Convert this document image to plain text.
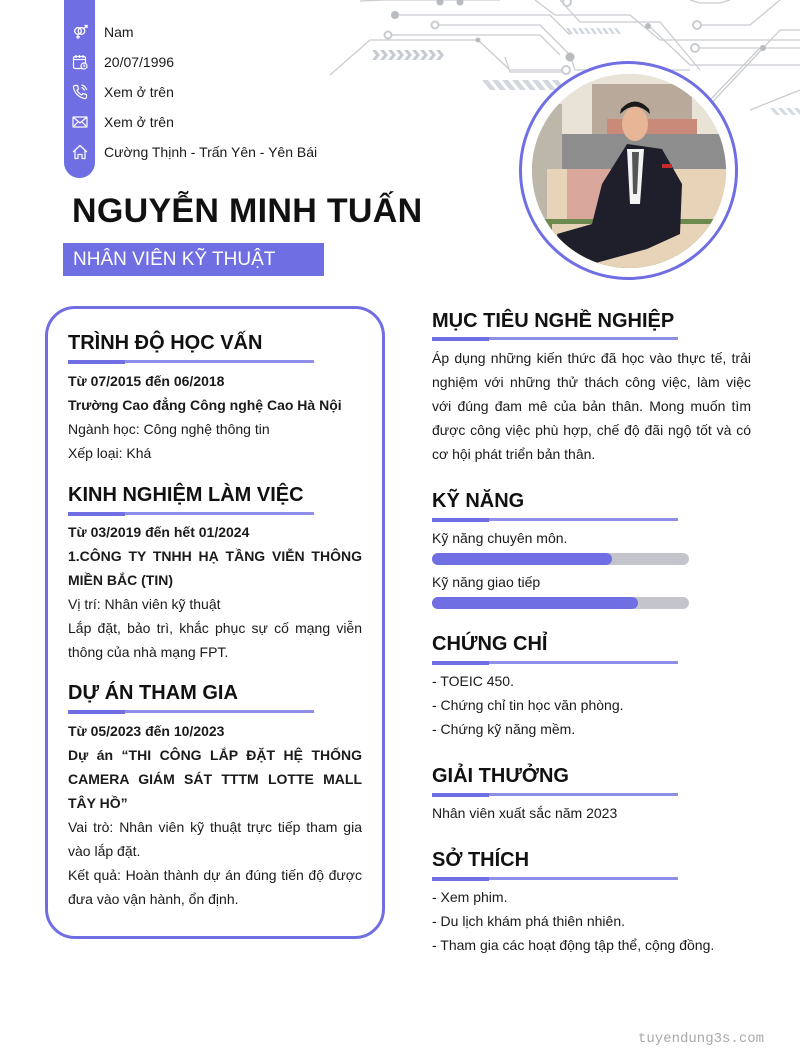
Nam
20/07/1996
Xem ở trên
Xem ở trên
Cường Thịnh - Trấn Yên - Yên Bái
NGUYỄN MINH TUẤN
NHÂN VIÊN KỸ THUẬT
TRÌNH ĐỘ HỌC VẤN
Từ 07/2015 đến 06/2018
Trường Cao đẳng Công nghệ Cao Hà Nội
Ngành học: Công nghệ thông tin
Xếp loại: Khá
KINH NGHIỆM LÀM VIỆC
Từ 03/2019 đến hết 01/2024
1.CÔNG TY TNHH HẠ TẦNG VIỄN THÔNG MIỀN BẮC (TIN)
Vị trí: Nhân viên kỹ thuật
Lắp đặt, bảo trì, khắc phục sự cố mạng viễn thông của nhà mạng FPT.
DỰ ÁN THAM GIA
Từ 05/2023 đến 10/2023
Dự án “THI CÔNG LẮP ĐẶT HỆ THỐNG CAMERA GIÁM SÁT TTTM LOTTE MALL TÂY HỒ”
Vai trò: Nhân viên kỹ thuật trực tiếp tham gia vào lắp đặt.
Kết quả: Hoàn thành dự án đúng tiến độ được đưa vào vận hành, ổn định.
MỤC TIÊU NGHỀ NGHIỆP
Áp dụng những kiến thức đã học vào thực tế, trải nghiệm với những thử thách công việc, làm việc với đúng đam mê của bản thân. Mong muốn tìm được công việc phù hợp, chế độ đãi ngộ tốt và có cơ hội phát triển bản thân.
KỸ NĂNG
Kỹ năng chuyên môn.
Kỹ năng giao tiếp
CHỨNG CHỈ
- TOEIC 450.
- Chứng chỉ tin học văn phòng.
- Chứng kỹ năng mềm.
GIẢI THƯỞNG
Nhân viên xuất sắc năm 2023
SỞ THÍCH
- Xem phim.
- Du lịch khám phá thiên nhiên.
- Tham gia các hoạt động tập thể, cộng đồng.
tuyendung3s.com
